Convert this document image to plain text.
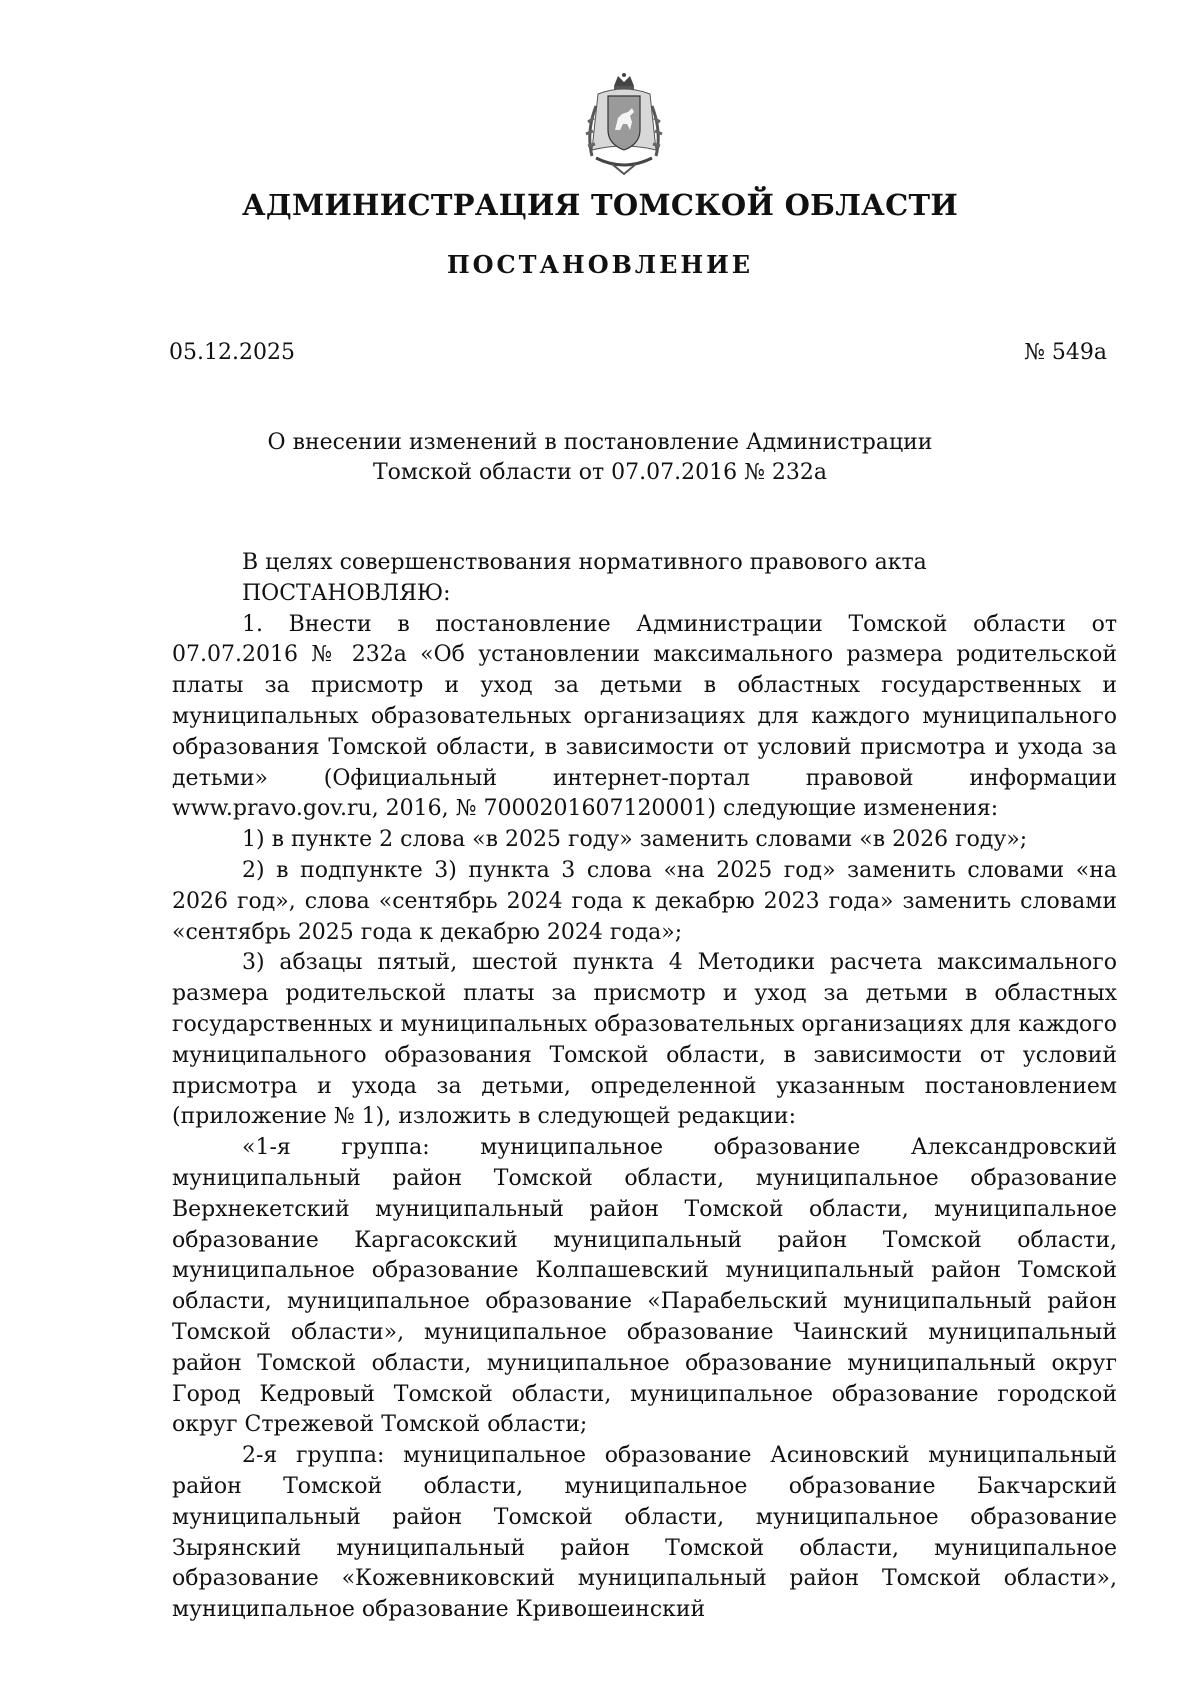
АДМИНИСТРАЦИЯ ТОМСКОЙ ОБЛАСТИ
ПОСТАНОВЛЕНИЕ
05.12.2025	№ 549а
О внесении изменений в постановление Администрации
Томской области от 07.07.2016 № 232а

В целях совершенствования нормативного правового акта

ПОСТАНОВЛЯЮ:

1. Внести в постановление Администрации Томской области от 07.07.2016 № 232а «Об установлении максимального размера родительской платы за присмотр и уход за детьми в областных государственных и муниципальных образовательных организациях для каждого муниципального образования Томской области, в зависимости от условий присмотра и ухода за детьми» (Официальный интернет-портал правовой информации www.pravo.gov.ru, 2016, № 7000201607120001) следующие изменения:

1) в пункте 2 слова «в 2025 году» заменить словами «в 2026 году»;

2) в подпункте 3) пункта 3 слова «на 2025 год» заменить словами «на 2026 год», слова «сентябрь 2024 года к декабрю 2023 года» заменить словами «сентябрь 2025 года к декабрю 2024 года»;

3) абзацы пятый, шестой пункта 4 Методики расчета максимального размера родительской платы за присмотр и уход за детьми в областных государственных и муниципальных образовательных организациях для каждого муниципального образования Томской области, в зависимости от условий присмотра и ухода за детьми, определенной указанным постановлением (приложение № 1), изложить в следующей редакции:

«1-я группа: муниципальное образование Александровский муниципальный район Томской области, муниципальное образование Верхнекетский муниципальный район Томской области, муниципальное образование Каргасокский муниципальный район Томской области, муниципальное образование Колпашевский муниципальный район Томской области, муниципальное образование «Парабельский муниципальный район Томской области», муниципальное образование Чаинский муниципальный район Томской области, муниципальное образование муниципальный округ Город Кедровый Томской области, муниципальное образование городской округ Стрежевой Томской области;

2-я группа: муниципальное образование Асиновский муниципальный район Томской области, муниципальное образование Бакчарский муниципальный район Томской области, муниципальное образование Зырянский муниципальный район Томской области, муниципальное образование «Кожевниковский муниципальный район Томской области», муниципальное образование Кривошеинский
